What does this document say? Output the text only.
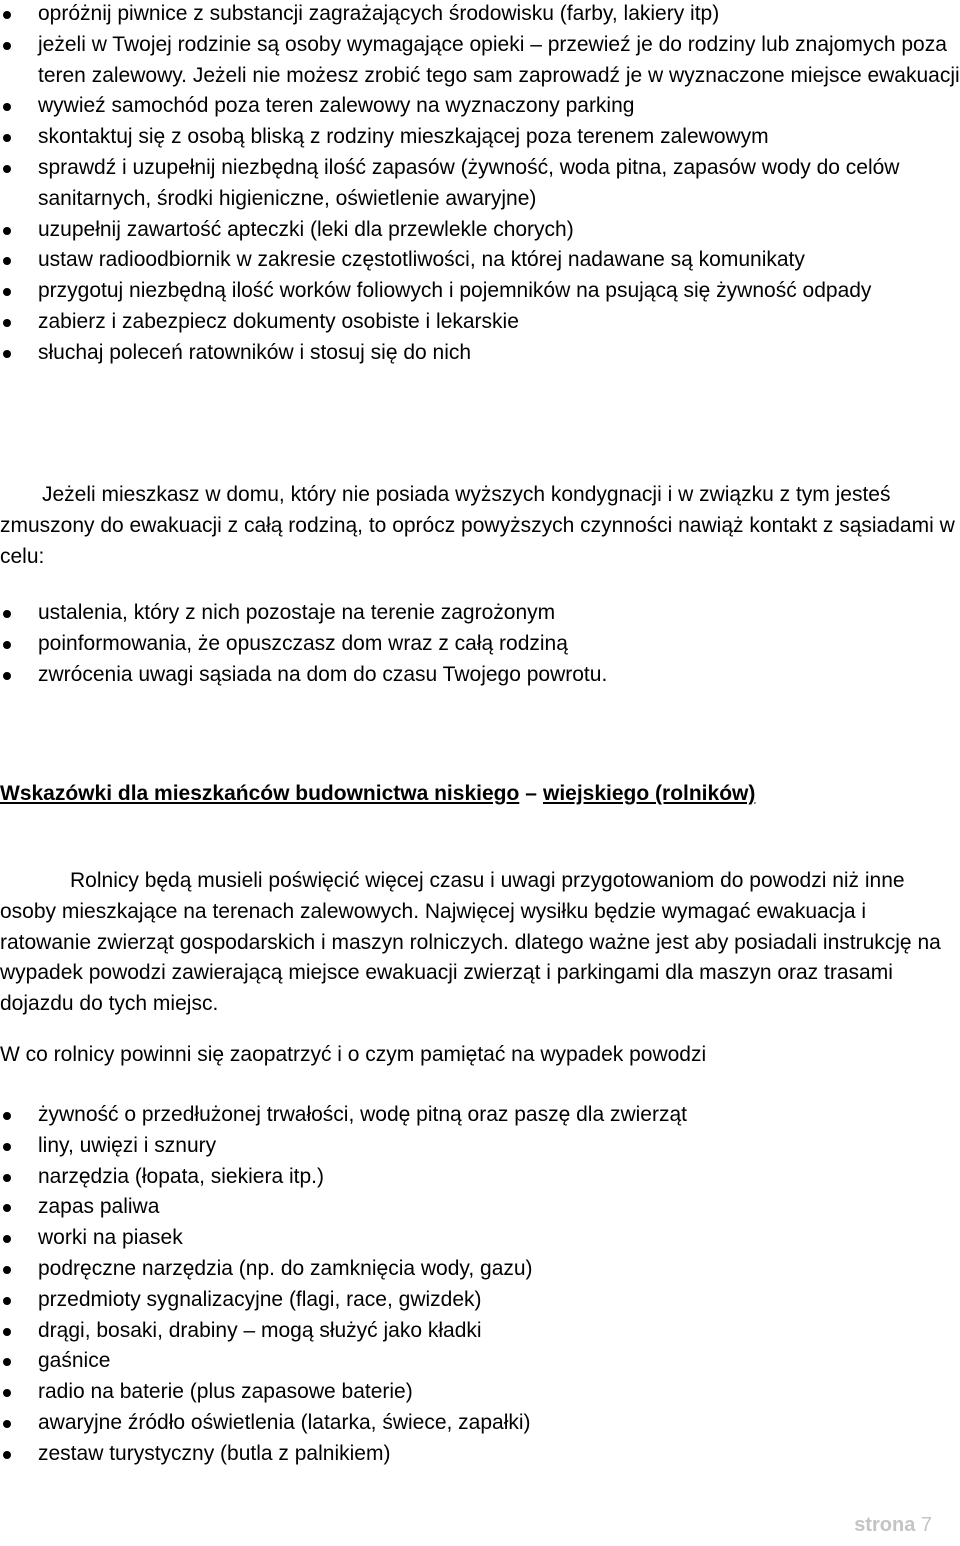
opróżnij piwnice z substancji zagrażających środowisku (farby, lakiery itp)
jeżeli w Twojej rodzinie są osoby wymagające opieki – przewieź je do rodziny lub znajomych poza teren zalewowy. Jeżeli nie możesz zrobić tego sam zaprowadź je w wyznaczone miejsce ewakuacji
wywieź samochód poza teren zalewowy na wyznaczony parking
skontaktuj się z osobą bliską z rodziny mieszkającej poza terenem zalewowym
sprawdź i uzupełnij niezbędną ilość zapasów (żywność, woda pitna, zapasów wody do celów sanitarnych, środki higieniczne, oświetlenie awaryjne)
uzupełnij zawartość apteczki (leki dla przewlekle chorych)
ustaw radioodbiornik w zakresie częstotliwości, na której nadawane są komunikaty
przygotuj niezbędną ilość worków foliowych i pojemników na psującą się żywność odpady
zabierz i zabezpiecz dokumenty osobiste i lekarskie
słuchaj poleceń ratowników i stosuj się do nich

Jeżeli mieszkasz w domu, który nie posiada wyższych kondygnacji i w związku z tym jesteś zmuszony do ewakuacji z całą rodziną, to oprócz powyższych czynności nawiąż kontakt z sąsiadami w celu:

ustalenia, który z nich pozostaje na terenie zagrożonym
poinformowania, że opuszczasz dom wraz z całą rodziną
zwrócenia uwagi sąsiada na dom do czasu Twojego powrotu.

Wskazówki dla mieszkańców budownictwa niskiego – wiejskiego (rolników)

Rolnicy będą musieli poświęcić więcej czasu i uwagi przygotowaniom do powodzi niż inne osoby mieszkające na terenach zalewowych. Najwięcej wysiłku będzie wymagać ewakuacja i ratowanie zwierząt gospodarskich i maszyn rolniczych. dlatego ważne jest aby posiadali instrukcję na wypadek powodzi zawierającą miejsce ewakuacji zwierząt i parkingami dla maszyn oraz trasami dojazdu do tych miejsc.

W co rolnicy powinni się zaopatrzyć i o czym pamiętać na wypadek powodzi

żywność o przedłużonej trwałości, wodę pitną oraz paszę dla zwierząt
liny, uwięzi i sznury
narzędzia (łopata, siekiera itp.)
zapas paliwa
worki na piasek
podręczne narzędzia (np. do zamknięcia wody, gazu)
przedmioty sygnalizacyjne (flagi, race, gwizdek)
drągi, bosaki, drabiny – mogą służyć jako kładki
gaśnice
radio na baterie (plus zapasowe baterie)
awaryjne źródło oświetlenia (latarka, świece, zapałki)
zestaw turystyczny (butla z palnikiem)
strona 7
